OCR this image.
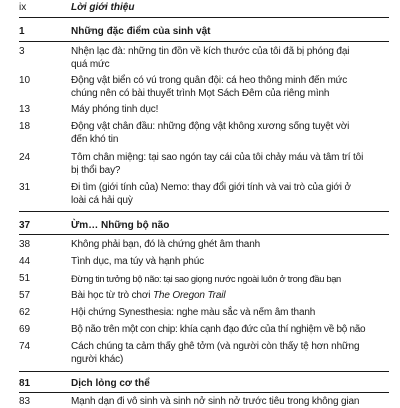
ix	Lời giới thiệu
1	Những đặc điểm của sinh vật
3	Nhện lạc đà: những tin đồn về kích thước của tôi đã bị phóng đại
quá mức
10	Động vật biển có vú trong quân đội: cá heo thông minh đến mức
chúng nên có bài thuyết trình Mọt Sách Đêm của riêng mình
13	Máy phóng tinh dục!
18	Động vật chân đầu: những động vật không xương sống tuyệt vời
đến khó tin
24	Tôm chân miệng: tại sao ngón tay cái của tôi chảy máu và tâm trí tôi
bị thổi bay?
31	Đi tìm (giới tính của) Nemo: thay đổi giới tính và vai trò của giới ở
loài cá hải quỳ
37	Ừm… Những bộ não
38	Không phải bạn, đó là chứng ghét âm thanh
44	Tình dục, ma túy và hạnh phúc
51	Đừng tin tưởng bộ não: tại sao giọng nước ngoài luôn ở trong đầu bạn
57	Bài học từ trò chơi The Oregon Trail
62	Hội chứng Synesthesia: nghe màu sắc và nếm âm thanh
69	Bộ não trên một con chip: khía cạnh đạo đức của thí nghiệm về bộ não
74	Cách chúng ta cảm thấy ghê tởm (và người còn thấy tệ hơn những
người khác)
81	Dịch lỏng cơ thể
83	Mạnh dạn đi vô sinh và sinh nở sinh nở trước tiêu trong không gian
